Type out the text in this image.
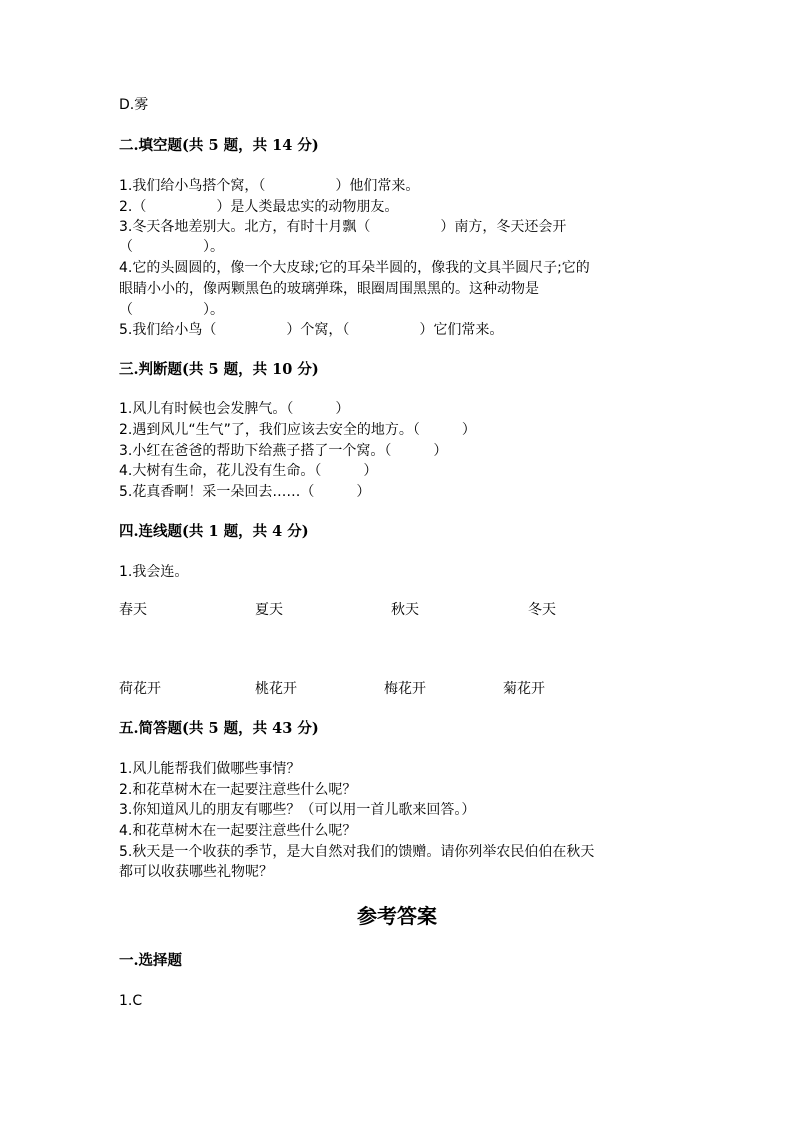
D.雾
二.填空题(共 5 题，共 14 分)
1.我们给小鸟搭个窝，（　　　　　）他们常来。
2.（　　　　　）是人类最忠实的动物朋友。
3.冬天各地差别大。北方，有时十月飘（　　　　　）南方，冬天还会开
（　　　　　）。
4.它的头圆圆的，像一个大皮球;它的耳朵半圆的，像我的文具半圆尺子;它的
眼睛小小的，像两颗黑色的玻璃弹珠，眼圈周围黑黑的。这种动物是
（　　　　　）。
5.我们给小鸟（　　　　　）个窝，（　　　　　）它们常来。
三.判断题(共 5 题，共 10 分)
1.风儿有时候也会发脾气。（　　　）
2.遇到风儿“生气”了，我们应该去安全的地方。（　　　）
3.小红在爸爸的帮助下给燕子搭了一个窝。（　　　）
4.大树有生命，花儿没有生命。（　　　）
5.花真香啊！采一朵回去……（　　　）
四.连线题(共 1 题，共 4 分)
1.我会连。
春天	夏天	秋天	冬天
荷花开	桃花开	梅花开	菊花开
五.简答题(共 5 题，共 43 分)
1.风儿能帮我们做哪些事情？
2.和花草树木在一起要注意些什么呢？
3.你知道风儿的朋友有哪些？（可以用一首儿歌来回答。）
4.和花草树木在一起要注意些什么呢？
5.秋天是一个收获的季节，是大自然对我们的馈赠。请你列举农民伯伯在秋天
都可以收获哪些礼物呢？
参考答案
一.选择题
1.C
